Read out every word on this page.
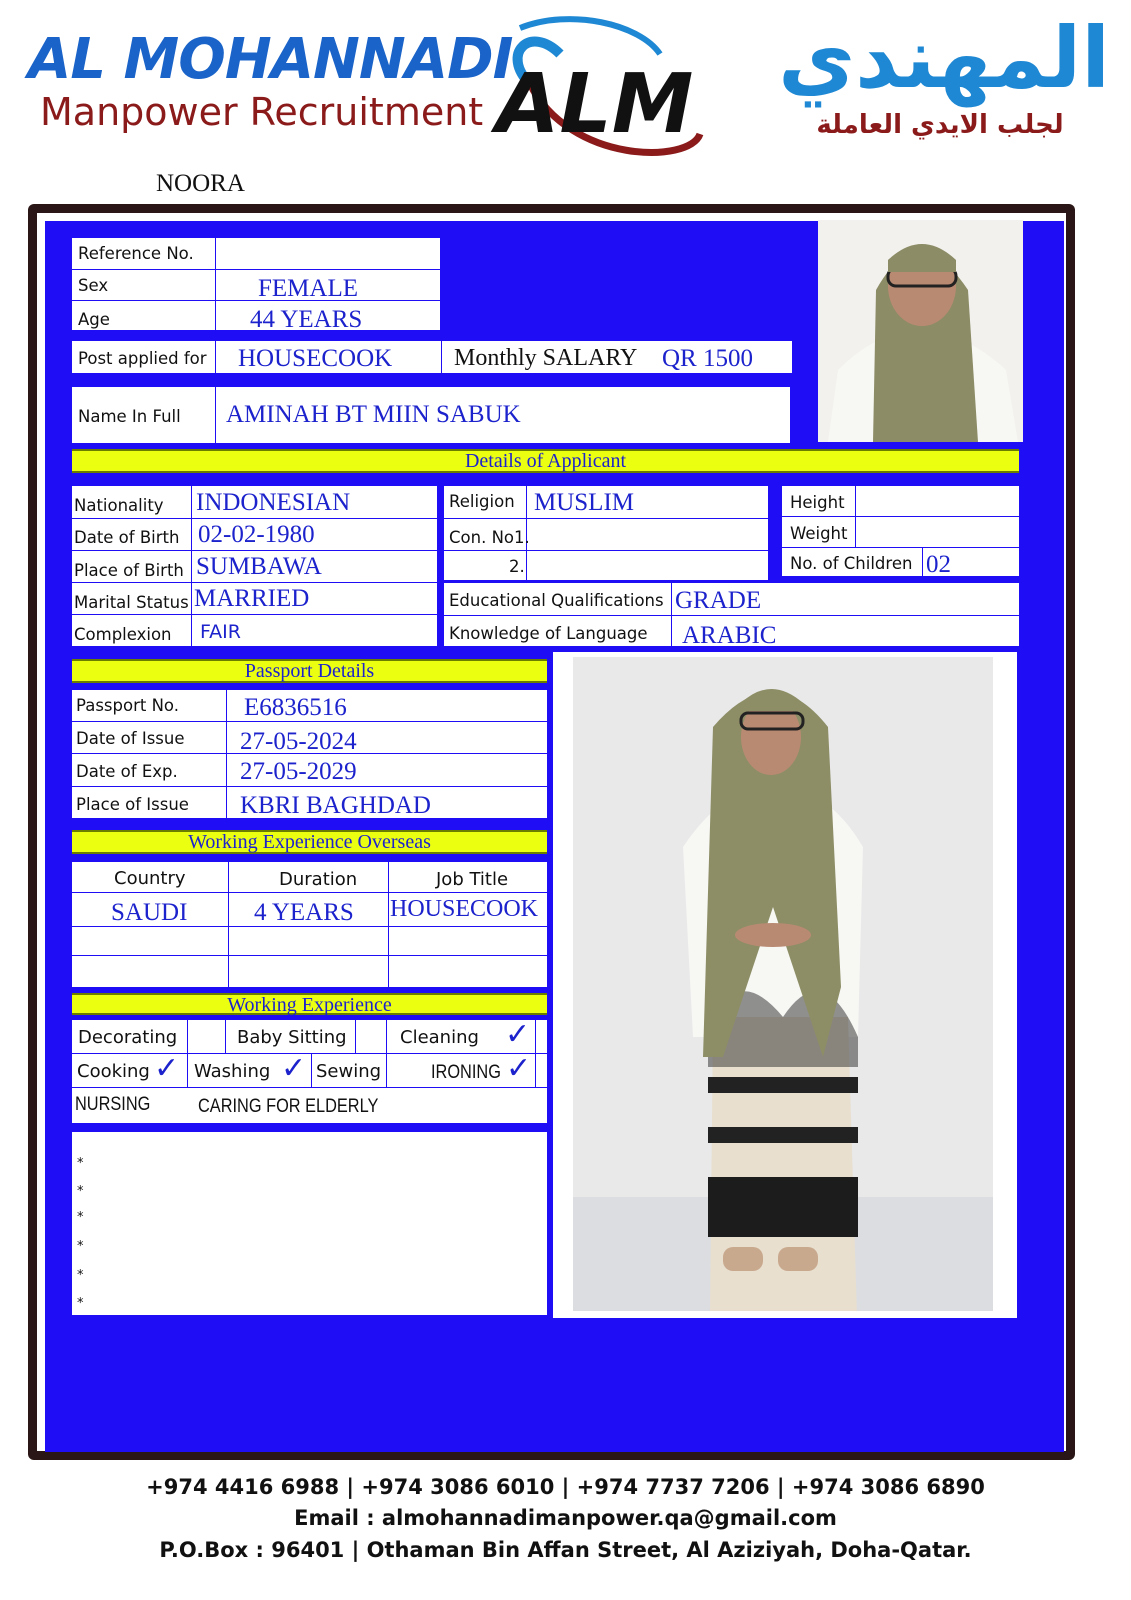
AL MOHANNADI
Manpower Recruitment ALM	المهندي
لجلب الايدي العاملة
NOORA
Reference No.
Sex	FEMALE
Age	44 YEARS
Post applied for HOUSECOOK	Monthly SALARY QR 1500
Name In Full AMINAH BT MIIN SABUK
Details of Applicant
Nationality INDONESIAN
Date of Birth 02-02-1980
Place of Birth SUMBAWA
Marital Status MARRIED
Complexion FAIR
Religion MUSLIM
Con. No1.
2.
Height
Weight
No. of Children 02
Educational Qualifications GRADE
Knowledge of Language ARABIC
Passport Details
Passport No.	E6836516
Date of Issue 27-05-2024
Date of Exp. 27-05-2029
Place of Issue KBRI BAGHDAD
Working Experience Overseas
Country	Duration	Job Title
SAUDI	4 YEARS HOUSECOOK
Working Experience
Decorating	Baby Sitting	Cleaning ✓
Cooking ✓ Washing ✓ Sewing	IRONING ✓
NURSING	CARING FOR ELDERLY
*
*
*
*
*
*
+974 4416 6988 | +974 3086 6010 | +974 7737 7206 | +974 3086 6890
Email : almohannadimanpower.qa@gmail.com
P.O.Box : 96401 | Othaman Bin Affan Street, Al Aziziyah, Doha-Qatar.
